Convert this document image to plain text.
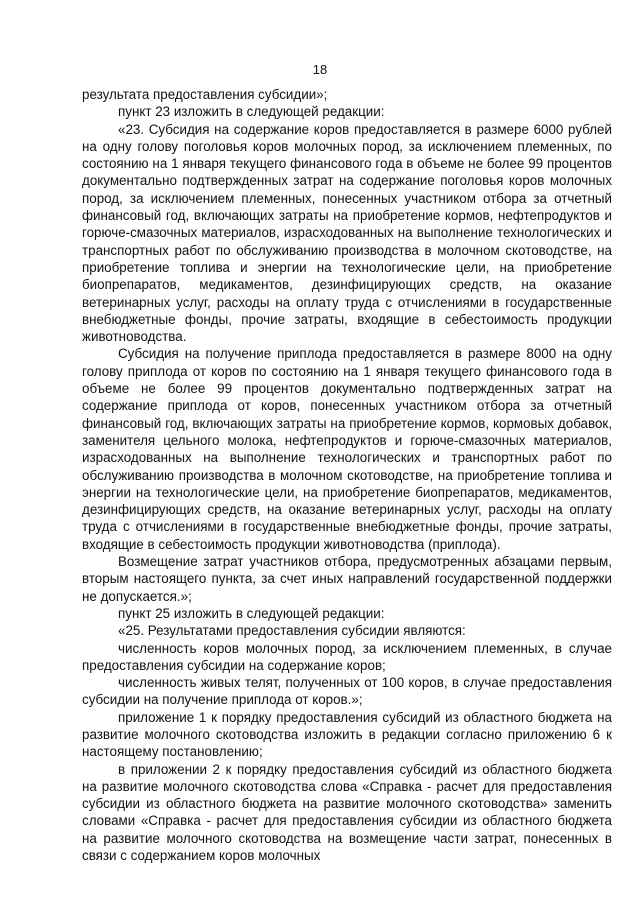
18

результата предоставления субсидии»;

пункт 23 изложить в следующей редакции:

«23. Субсидия на содержание коров предоставляется в размере 6000 рублей на одну голову поголовья коров молочных пород, за исключением племенных, по состоянию на 1 января текущего финансового года в объеме не более 99 процентов документально подтвержденных затрат на содержание поголовья коров молочных пород, за исключением племенных, понесенных участником отбора за отчетный финансовый год, включающих затраты на приобретение кормов, нефтепродуктов и горюче-смазочных материалов, израсходованных на выполнение технологических и транспортных работ по обслуживанию производства в молочном скотоводстве, на приобретение топлива и энергии на технологические цели, на приобретение биопрепаратов, медикаментов, дезинфицирующих средств, на оказание ветеринарных услуг, расходы на оплату труда с отчислениями в государственные внебюджетные фонды, прочие затраты, входящие в себестоимость продукции животноводства.

Субсидия на получение приплода предоставляется в размере 8000 на одну голову приплода от коров по состоянию на 1 января текущего финансового года в объеме не более 99 процентов документально подтвержденных затрат на содержание приплода от коров, понесенных участником отбора за отчетный финансовый год, включающих затраты на приобретение кормов, кормовых добавок, заменителя цельного молока, нефтепродуктов и горюче-смазочных материалов, израсходованных на выполнение технологических и транспортных работ по обслуживанию производства в молочном скотоводстве, на приобретение топлива и энергии на технологические цели, на приобретение биопрепаратов, медикаментов, дезинфицирующих средств, на оказание ветеринарных услуг, расходы на оплату труда с отчислениями в государственные внебюджетные фонды, прочие затраты, входящие в себестоимость продукции животноводства (приплода).

Возмещение затрат участников отбора, предусмотренных абзацами первым, вторым настоящего пункта, за счет иных направлений государственной поддержки не допускается.»;

пункт 25 изложить в следующей редакции:

«25. Результатами предоставления субсидии являются:

численность коров молочных пород, за исключением племенных, в случае предоставления субсидии на содержание коров;

численность живых телят, полученных от 100 коров, в случае предоставления субсидии на получение приплода от коров.»;

приложение 1 к порядку предоставления субсидий из областного бюджета на развитие молочного скотоводства изложить в редакции согласно приложению 6 к настоящему постановлению;

в приложении 2 к порядку предоставления субсидий из областного бюджета на развитие молочного скотоводства слова «Справка - расчет для предоставления субсидии из областного бюджета на развитие молочного скотоводства» заменить словами «Справка - расчет для предоставления субсидии из областного бюджета на развитие молочного скотоводства на возмещение части затрат, понесенных в связи с содержанием коров молочных
